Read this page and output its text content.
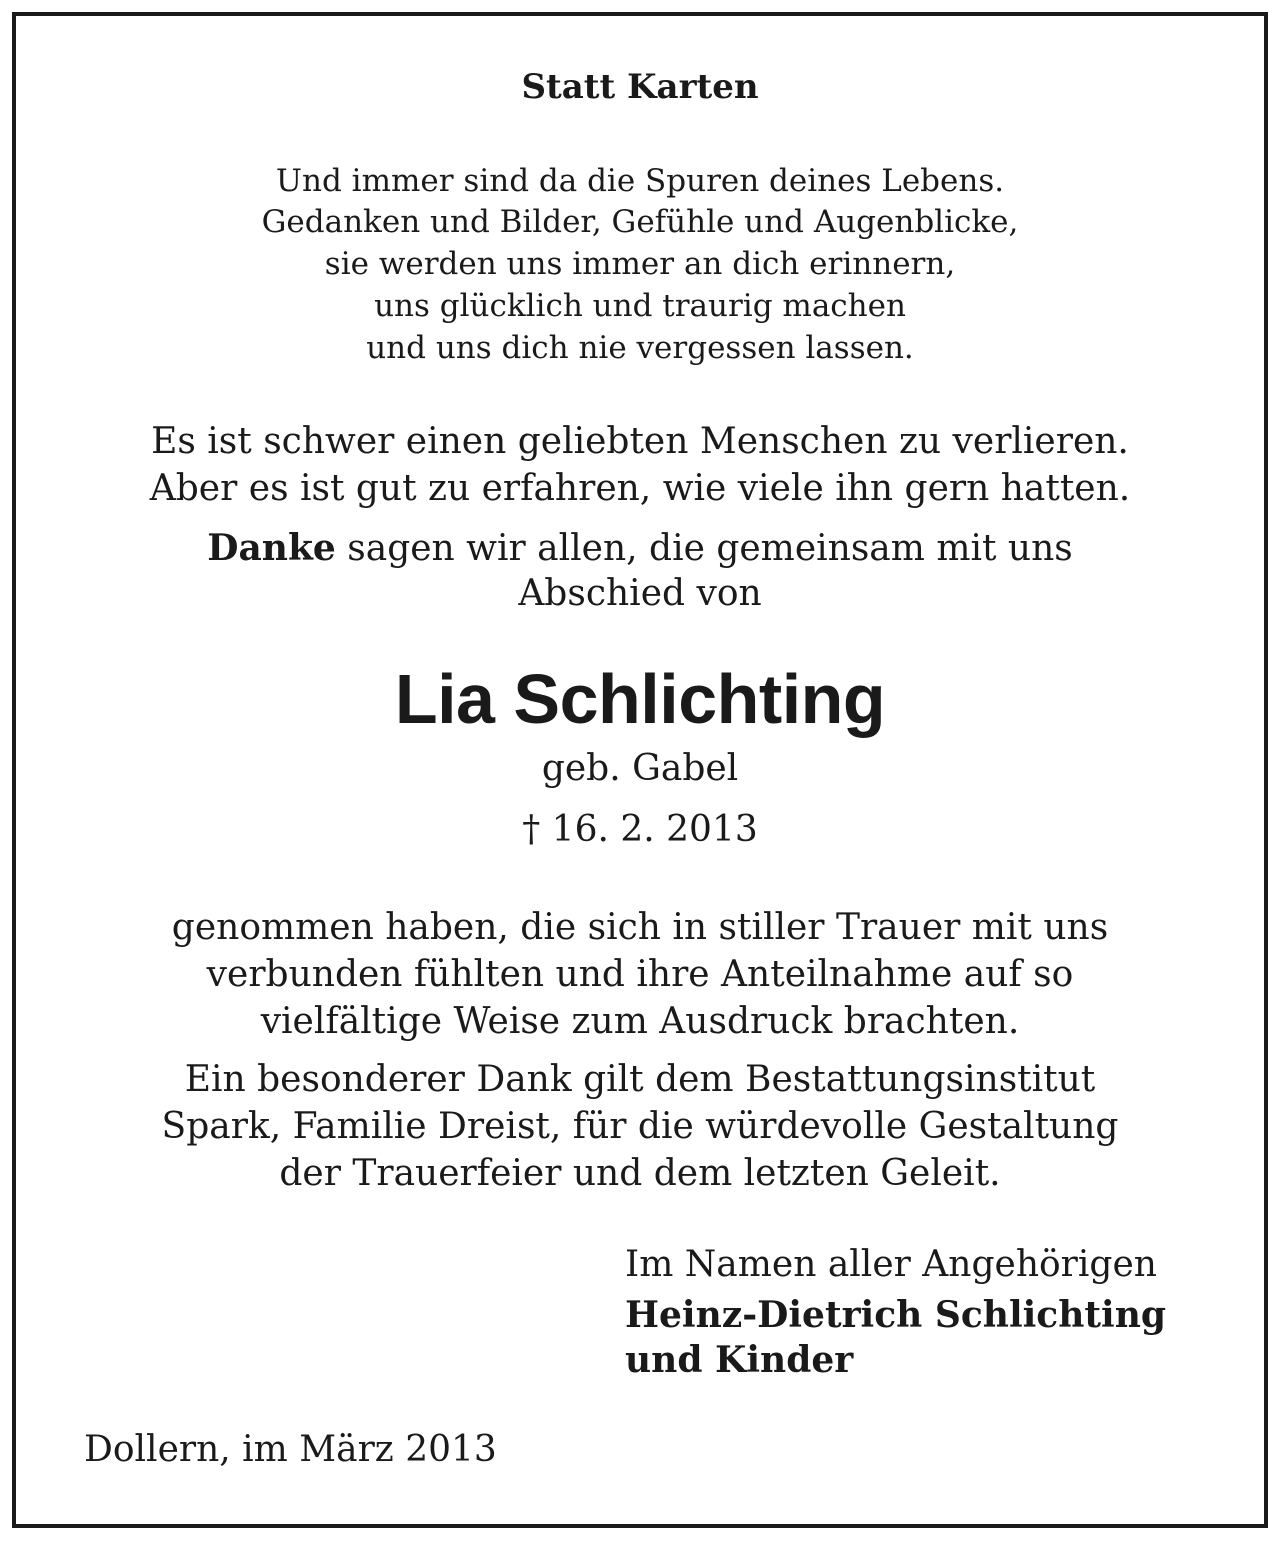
Statt Karten
Und immer sind da die Spuren deines Lebens.
Gedanken und Bilder, Gefühle und Augenblicke,
sie werden uns immer an dich erinnern,
uns glücklich und traurig machen
und uns dich nie vergessen lassen.
Es ist schwer einen geliebten Menschen zu verlieren.
Aber es ist gut zu erfahren, wie viele ihn gern hatten.
Danke sagen wir allen, die gemeinsam mit uns
Abschied von
Lia Schlichting
geb. Gabel
† 16. 2. 2013
genommen haben, die sich in stiller Trauer mit uns
verbunden fühlten und ihre Anteilnahme auf so
vielfältige Weise zum Ausdruck brachten.
Ein besonderer Dank gilt dem Bestattungsinstitut
Spark, Familie Dreist, für die würdevolle Gestaltung
der Trauerfeier und dem letzten Geleit.
Im Namen aller Angehörigen
Heinz-Dietrich Schlichting
und Kinder
Dollern, im März 2013
